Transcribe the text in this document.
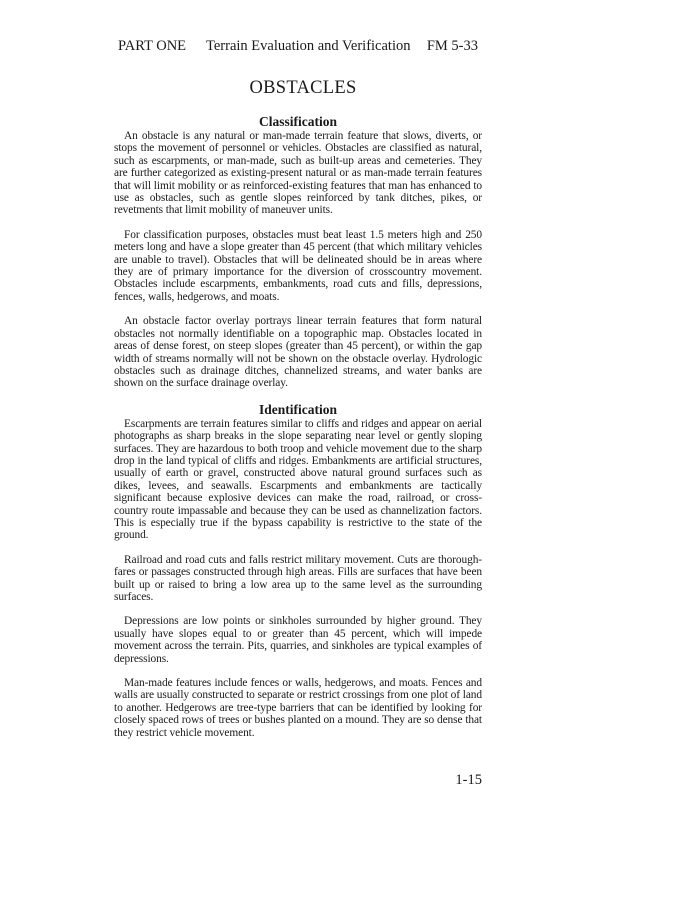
PART ONE Terrain Evaluation and Verification FM 5-33
OBSTACLES
Classification

An obstacle is any natural or man-made terrain feature that slows, diverts, or stops the movement of personnel or vehicles. Obstacles are classified as natural, such as escarpments, or man-made, such as built-up areas and cemeteries. They are further categorized as existing-present natural or as man-made terrain features that will limit mobility or as reinforced-existing features that man has enhanced to use as obstacles, such as gentle slopes reinforced by tank ditches, pikes, or revetments that limit mobility of maneuver units.

For classification purposes, obstacles must beat least 1.5 meters high and 250 meters long and have a slope greater than 45 percent (that which military vehicles are unable to travel). Obstacles that will be delineated should be in areas where they are of primary importance for the diversion of crosscountry movement. Obstacles include escarpments, embankments, road cuts and fills, depressions, fences, walls, hedgerows, and moats.

An obstacle factor overlay portrays linear terrain features that form natural obstacles not normally identifiable on a topographic map. Obstacles located in areas of dense forest, on steep slopes (greater than 45 percent), or within the gap width of streams normally will not be shown on the obstacle overlay. Hydrologic obstacles such as drainage ditches, channelized streams, and water banks are shown on the surface drainage overlay.

Identification

Escarpments are terrain features similar to cliffs and ridges and appear on aerial photographs as sharp breaks in the slope separating near level or gently sloping surfaces. They are hazardous to both troop and vehicle movement due to the sharp drop in the land typical of cliffs and ridges. Embankments are artificial structures, usually of earth or gravel, constructed above natural ground surfaces such as dikes, levees, and seawalls. Escarpments and embankments are tactically significant because explosive devices can make the road, railroad, or cross-country route impassable and because they can be used as channelization factors. This is especially true if the bypass capability is restrictive to the state of the ground.

Railroad and road cuts and falls restrict military movement. Cuts are thorough-fares or passages constructed through high areas. Fills are surfaces that have been built up or raised to bring a low area up to the same level as the surrounding surfaces.

Depressions are low points or sinkholes surrounded by higher ground. They usually have slopes equal to or greater than 45 percent, which will impede movement across the terrain. Pits, quarries, and sinkholes are typical examples of depressions.

Man-made features include fences or walls, hedgerows, and moats. Fences and walls are usually constructed to separate or restrict crossings from one plot of land to another. Hedgerows are tree-type barriers that can be identified by looking for closely spaced rows of trees or bushes planted on a mound. They are so dense that they restrict vehicle movement.

1-15
